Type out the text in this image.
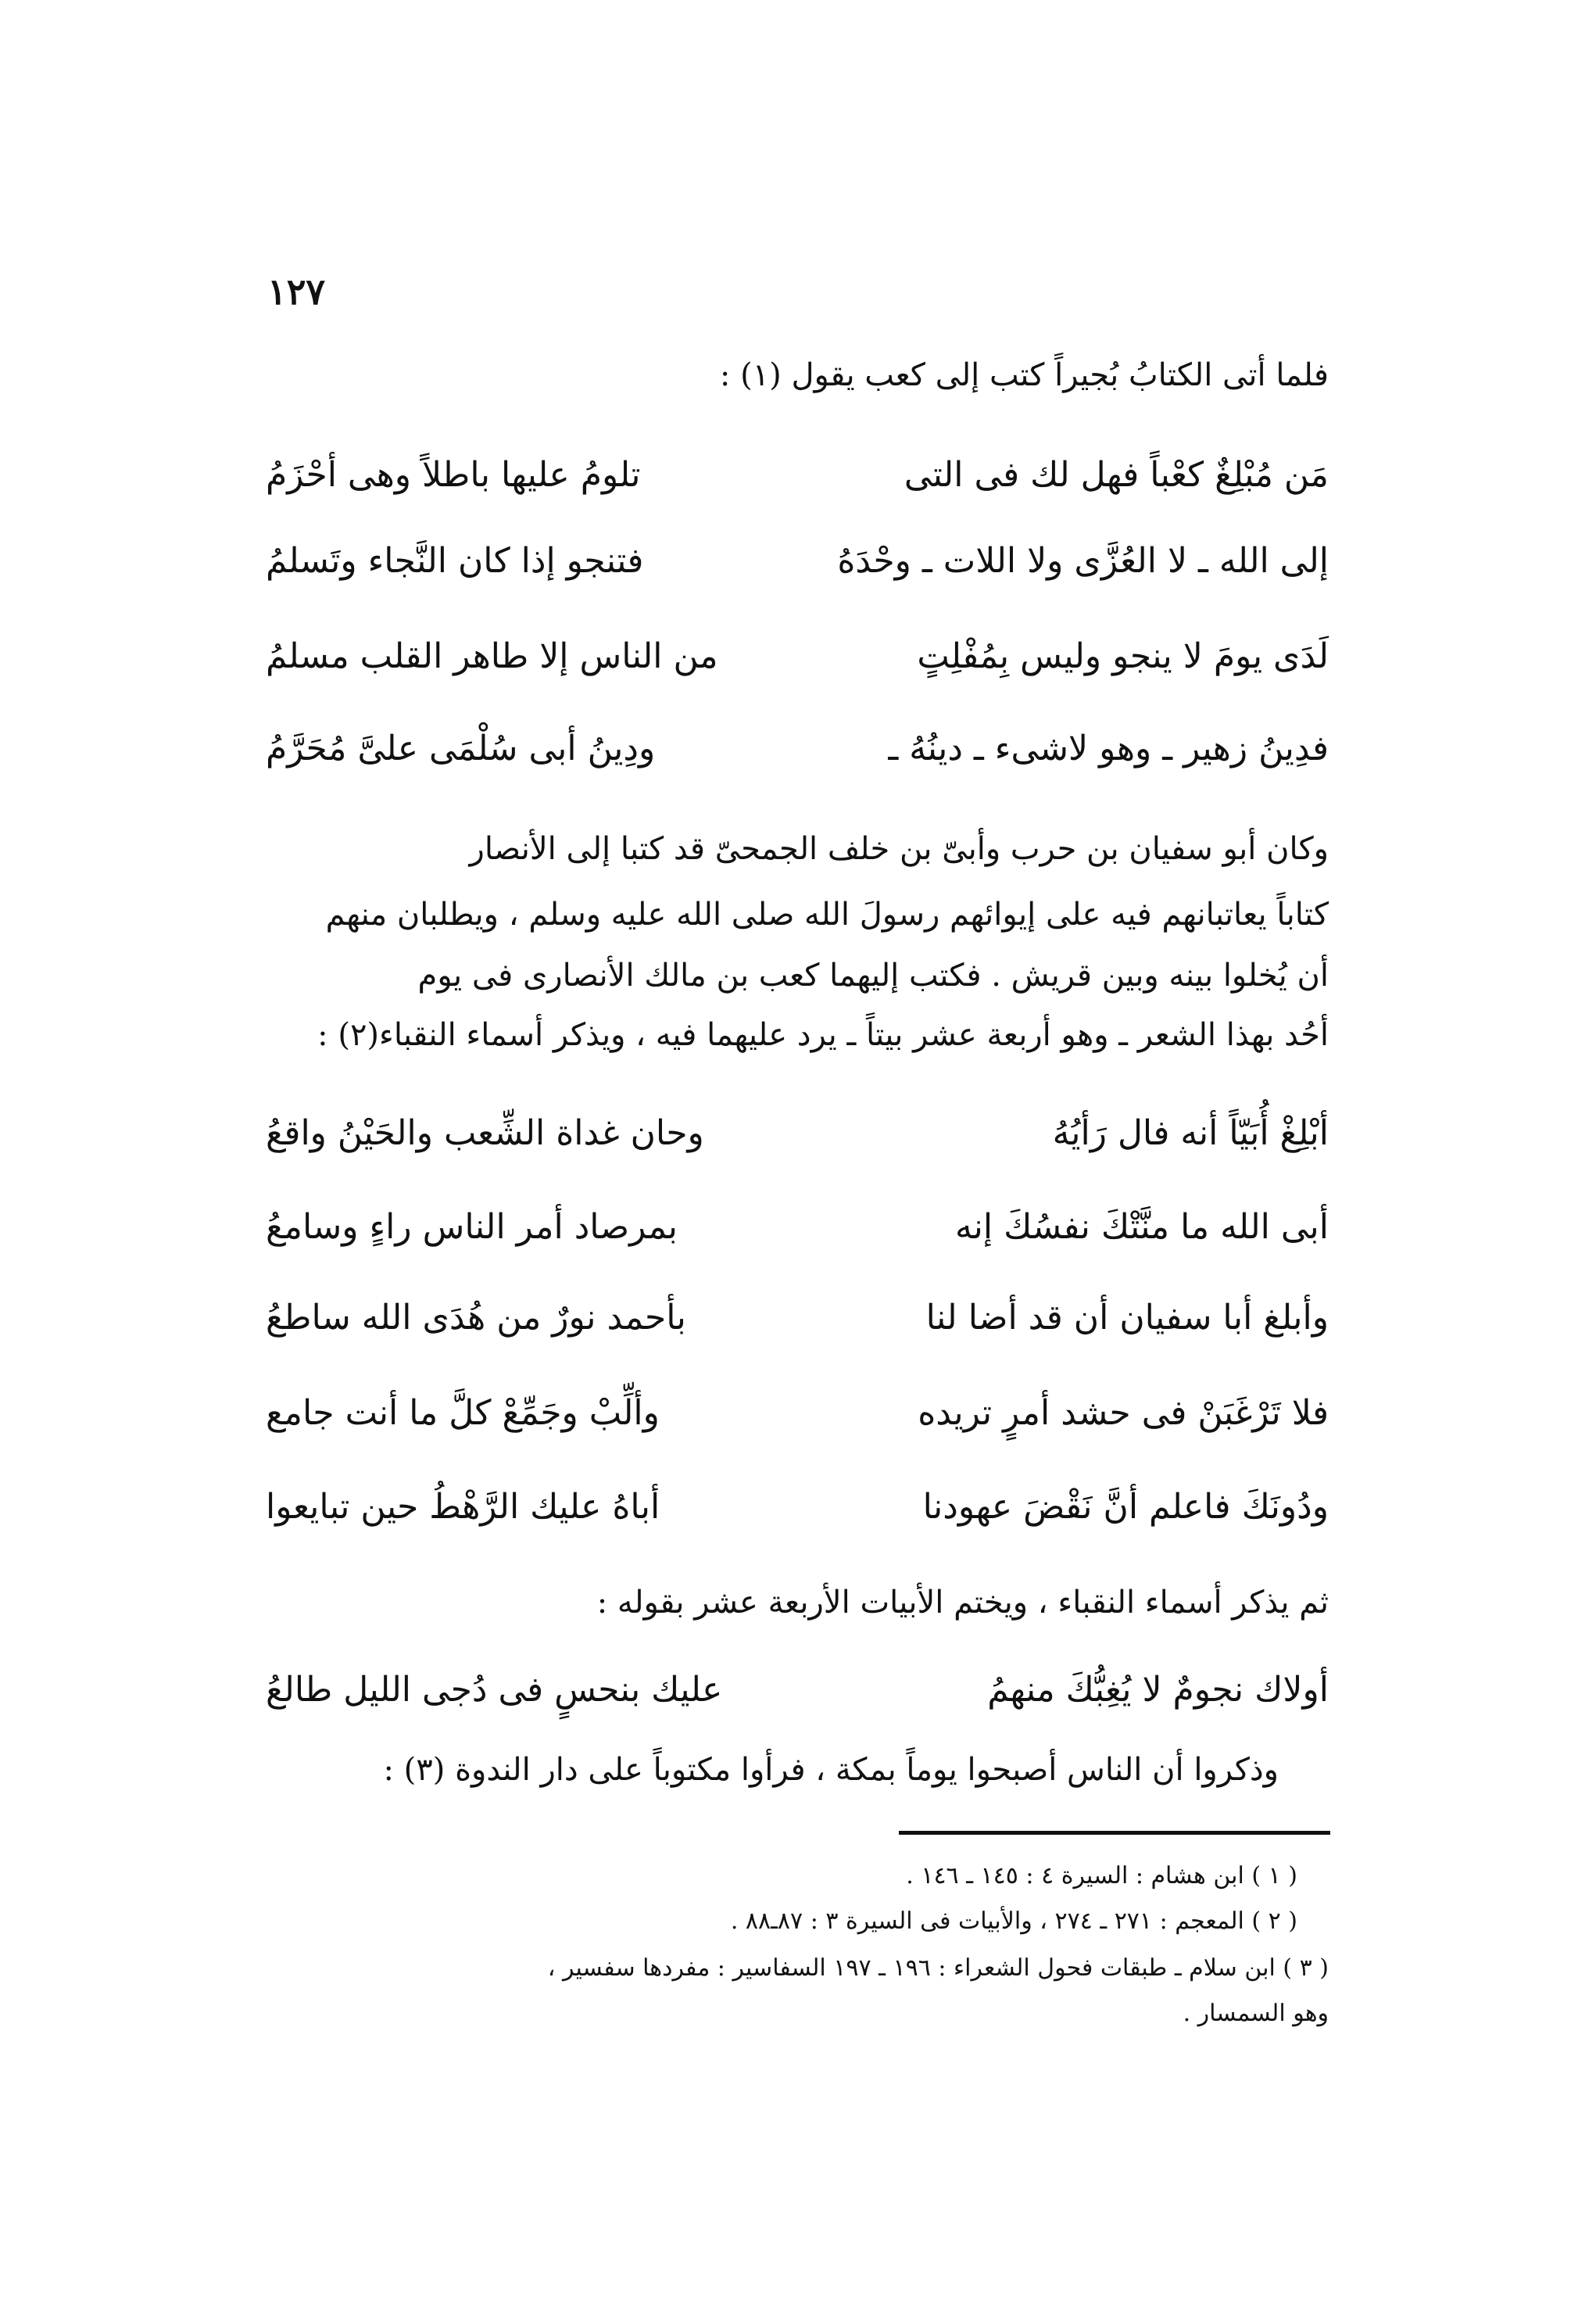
١٢٧
فلما أتى الكتابُ بُجيراً كتب إلى كعب يقول (١) :
مَن مُبْلِغٌ كعْباً فهل لك فى التى
تلومُ عليها باطلاً وهى أحْزَمُ
إلى الله ـ لا العُزَّى ولا اللات ـ وحْدَهُ
فتنجو إذا كان النَّجاء وتَسلمُ
لَدَى يومَ لا ينجو وليس بِمُفْلِتٍ
من الناس إلا طاهر القلب مسلمُ
فدِينُ زهير ـ وهو لاشىء ـ دينُهُ ـ
ودِينُ أبى سُلْمَى علىَّ مُحَرَّمُ
وكان أبو سفيان بن حرب وأبىّ بن خلف الجمحىّ قد كتبا إلى الأنصار
كتاباً يعاتبانهم فيه على إيوائهم رسولَ الله صلى الله عليه وسلم ، ويطلبان منهم
أن يُخلوا بينه وبين قريش . فكتب إليهما كعب بن مالك الأنصارى فى يوم
أحُد بهذا الشعر ـ وهو أربعة عشر بيتاً ـ يرد عليهما فيه ، ويذكر أسماء النقباء(٢) :
أبْلِغْ أُبَيّاً أنه فال رَأيُهُ
وحان غداة الشِّعب والحَيْنُ واقعُ
أبى الله ما منَّتْكَ نفسُكَ إنه
بمرصاد أمر الناس راءٍ وسامعُ
وأبلغ أبا سفيان أن قد أضا لنا
بأحمد نورٌ من هُدَى الله ساطعُ
فلا تَرْغَبَنْ فى حشد أمرٍ تريده
وألِّبْ وجَمِّعْ كلَّ ما أنت جامع
ودُونَكَ فاعلم أنَّ نَقْضَ عهودنا
أباهُ عليك الرَّهْطُ حين تبايعوا
ثم يذكر أسماء النقباء ، ويختم الأبيات الأربعة عشر بقوله :
أولاك نجومٌ لا يُغِبُّكَ منهمُ
عليك بنحسٍ فى دُجى الليل طالعُ
وذكروا أن الناس أصبحوا يوماً بمكة ، فرأوا مكتوباً على دار الندوة (٣) :
( ١ ) ابن هشام : السيرة ٤ : ١٤٥ ـ ١٤٦ .
( ٢ ) المعجم : ٢٧١ ـ ٢٧٤ ، والأبيات فى السيرة ٣ : ٨٧ـ٨٨ .
( ٣ ) ابن سلام ـ طبقات فحول الشعراء : ١٩٦ ـ ١٩٧ السفاسير : مفردها سفسير ،
وهو السمسار .
